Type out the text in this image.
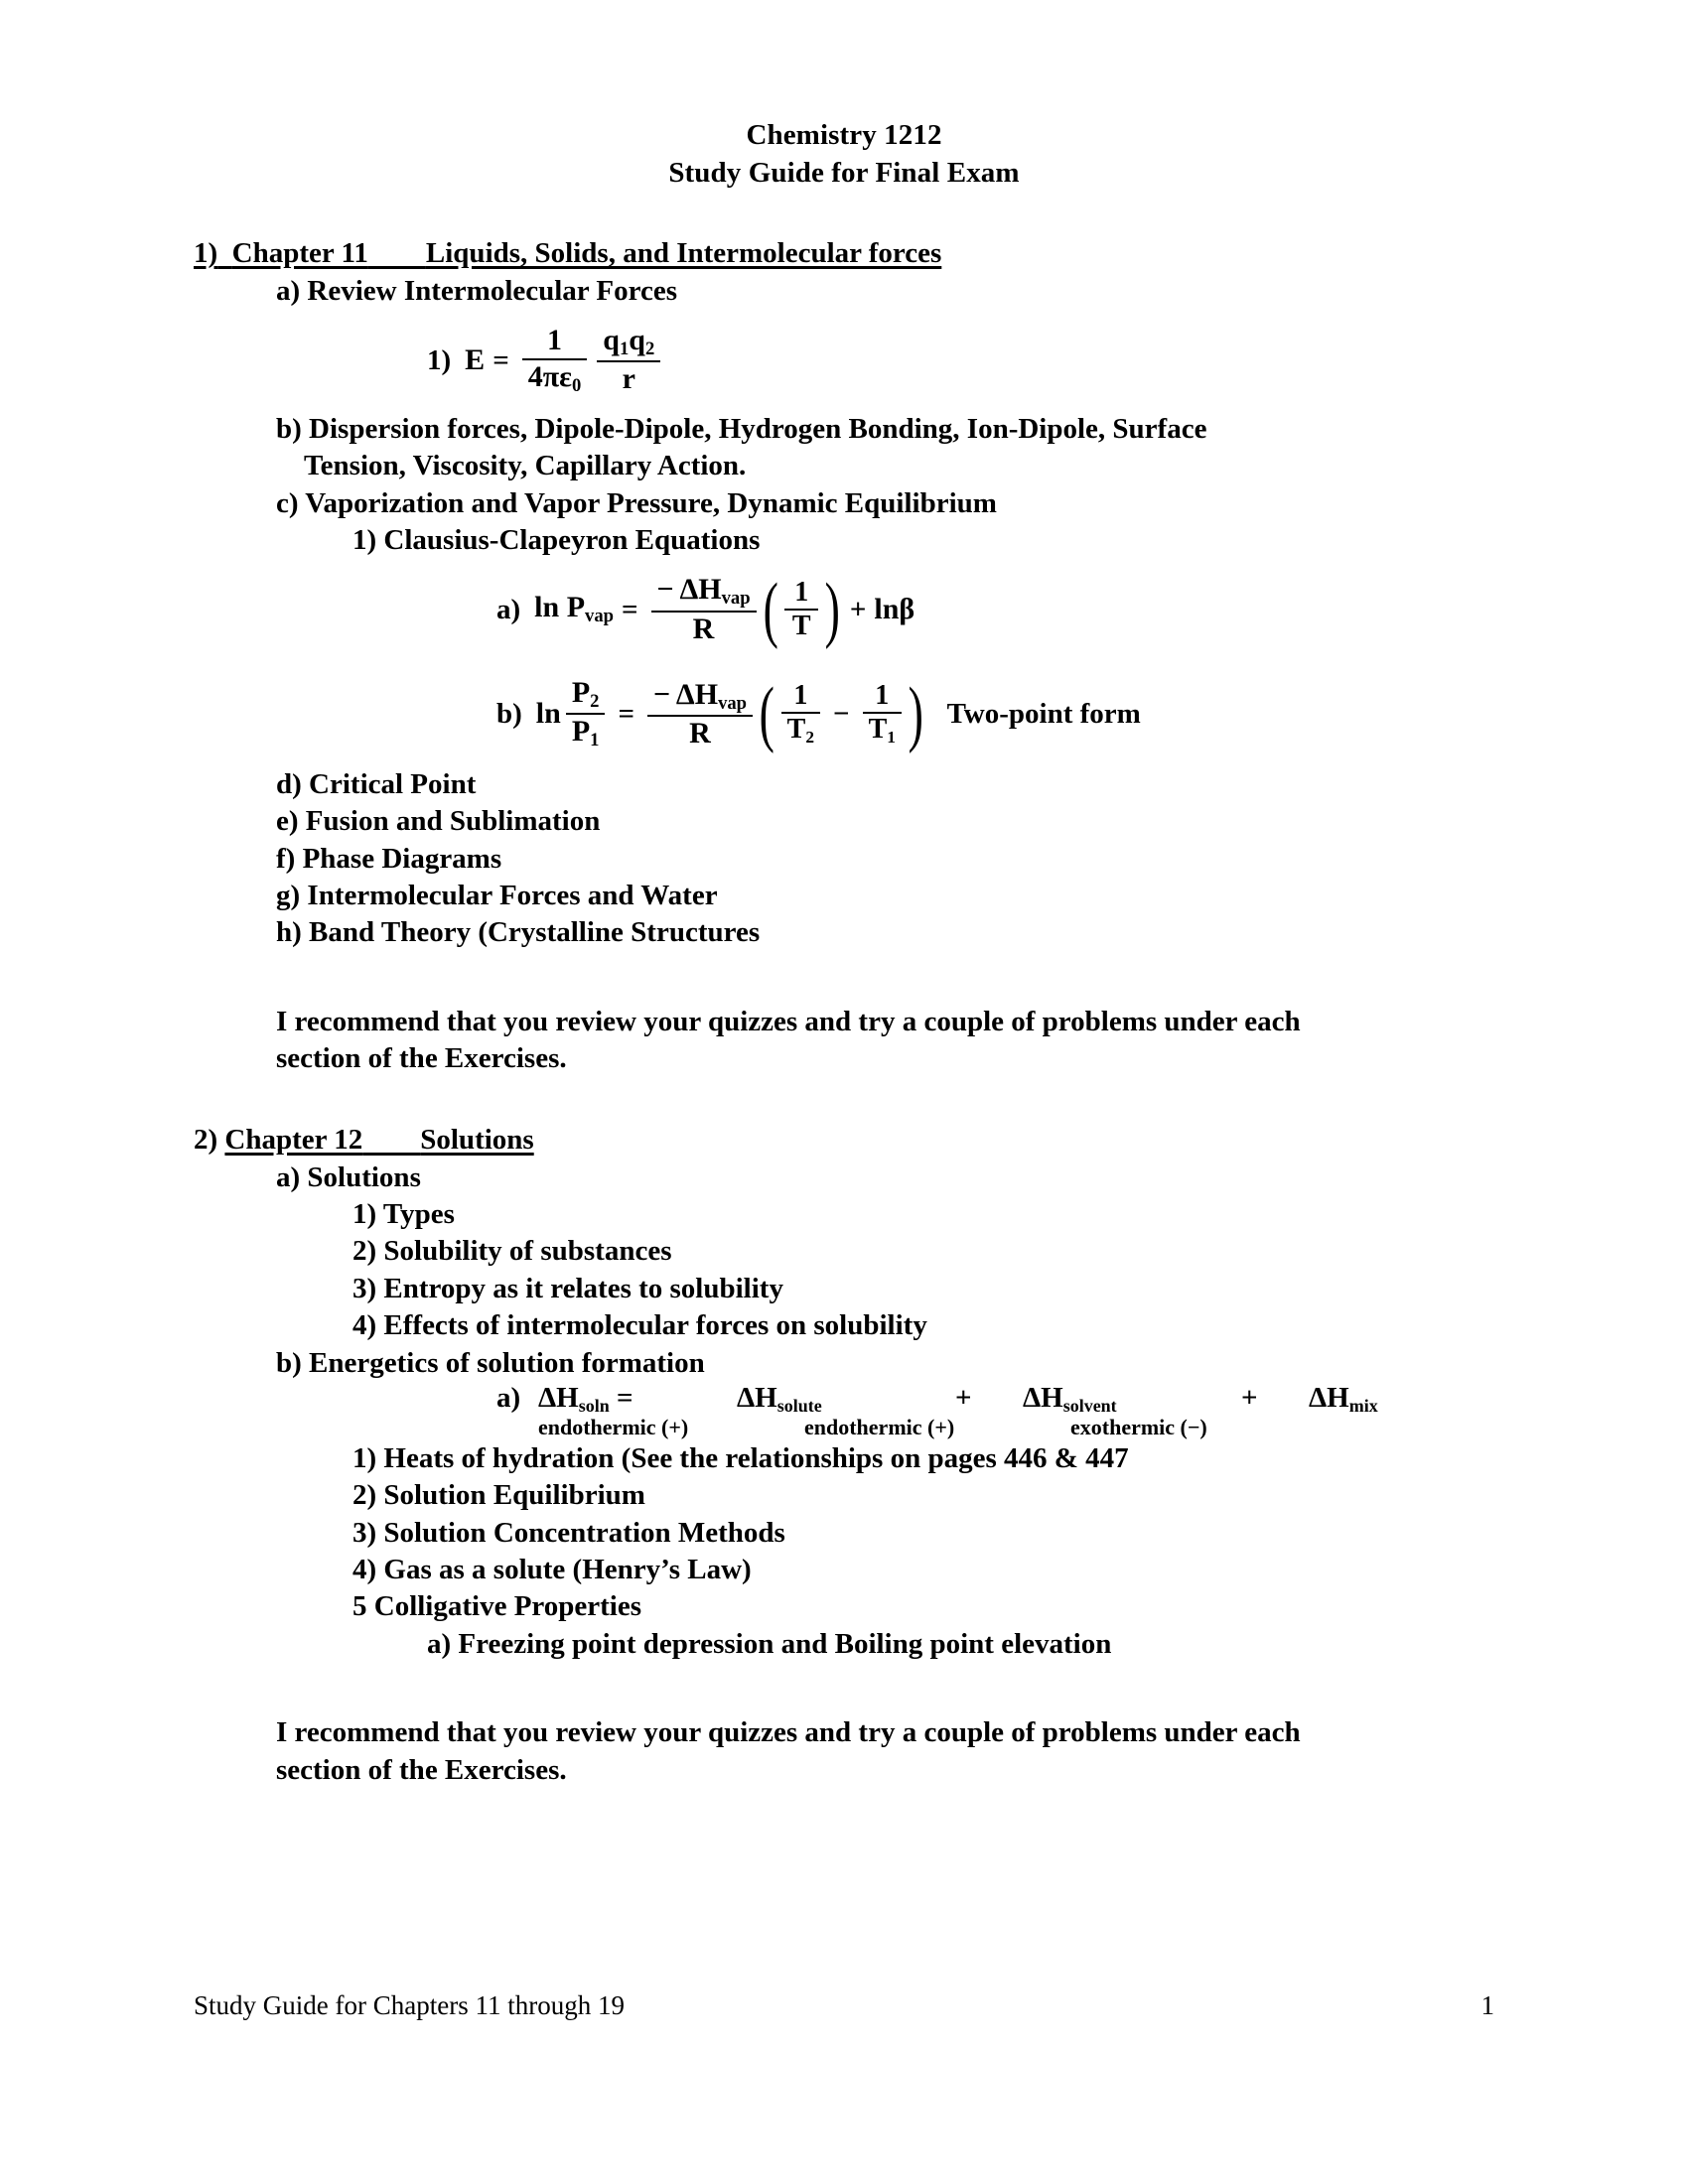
Chemistry 1212
Study Guide for Final Exam
1) Chapter 11 Liquids, Solids, and Intermolecular forces
a) Review Intermolecular Forces
1) $E = \frac{1}{4\pi\varepsilon_0} \frac{q_1q_2}{r}$
b) Dispersion forces, Dipole-Dipole, Hydrogen Bonding, Ion-Dipole, Surface
Tension, Viscosity, Capillary Action.
c) Vaporization and Vapor Pressure, Dynamic Equilibrium
1) Clausius-Clapeyron Equations
a) $\ln P_{vap} = \frac{- \Delta H_{vap}}{R}$ ( $\frac{1}{T}$ ) + lnβ
b) $\ln \frac{P_2}{P_1} = \frac{- \Delta H_{vap}}{R}$ ( $\frac{1}{T_2} - \frac{1}{T_1}$ ) Two-point form
d) Critical Point
e) Fusion and Sublimation
f) Phase Diagrams
g) Intermolecular Forces and Water
h) Band Theory (Crystalline Structures
I recommend that you review your quizzes and try a couple of problems under each
section of the Exercises.
2) Chapter 12 Solutions
a) Solutions
1) Types
2) Solubility of substances
3) Entropy as it relates to solubility
4) Effects of intermolecular forces on solubility
b) Energetics of solution formation
a) $\Delta H_{soln}$ =	$\Delta H_{solute}$	+	$\Delta H_{solvent}$	+	$\Delta H_{mix}$
endothermic (+)	endothermic (+)	exothermic (−)
1) Heats of hydration (See the relationships on pages 446 & 447
2) Solution Equilibrium
3) Solution Concentration Methods
4) Gas as a solute (Henry’s Law)
5 Colligative Properties
a) Freezing point depression and Boiling point elevation
I recommend that you review your quizzes and try a couple of problems under each
section of the Exercises.
Study Guide for Chapters 11 through 19	1
